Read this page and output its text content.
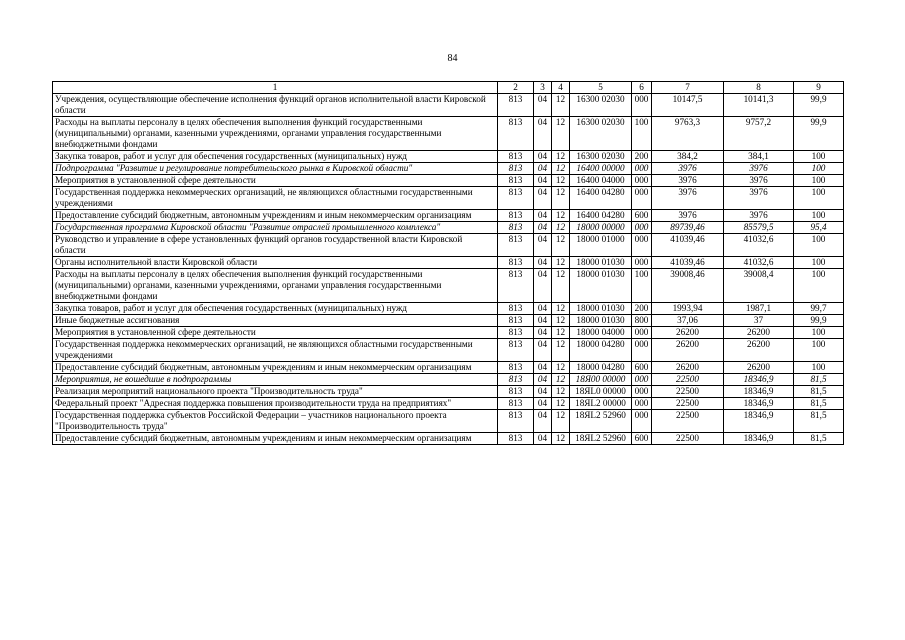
84
1	2	3	4	5	6	7	8	9
Учреждения, осуществляющие обеспечение исполнения функций органов исполнительной власти Кировской области	813	04	12	16300 02030	000	10147,5	10141,3	99,9
Расходы на выплаты персоналу в целях обеспечения выполнения функций государственными (муниципальными) органами, казенными учреждениями, органами управления государственными внебюджетными фондами	813	04	12	16300 02030	100	9763,3	9757,2	99,9
Закупка товаров, работ и услуг для обеспечения государственных (муниципальных) нужд	813	04	12	16300 02030	200	384,2	384,1	100
Подпрограмма "Развитие и регулирование потребительского рынка в Кировской области"	813	04	12	16400 00000	000	3976	3976	100
Мероприятия в установленной сфере деятельности	813	04	12	16400 04000	000	3976	3976	100
Государственная поддержка некоммерческих организаций, не являющихся областными государственными учреждениями	813	04	12	16400 04280	000	3976	3976	100
Предоставление субсидий бюджетным, автономным учреждениям и иным некоммерческим организациям	813	04	12	16400 04280	600	3976	3976	100
Государственная программа Кировской области "Развитие отраслей промышленного комплекса"	813	04	12	18000 00000	000	89739,46	85579,5	95,4
Руководство и управление в сфере установленных функций органов государственной власти Кировской области	813	04	12	18000 01000	000	41039,46	41032,6	100
Органы исполнительной власти Кировской области	813	04	12	18000 01030	000	41039,46	41032,6	100
Расходы на выплаты персоналу в целях обеспечения выполнения функций государственными (муниципальными) органами, казенными учреждениями, органами управления государственными внебюджетными фондами	813	04	12	18000 01030	100	39008,46	39008,4	100
Закупка товаров, работ и услуг для обеспечения государственных (муниципальных) нужд	813	04	12	18000 01030	200	1993,94	1987,1	99,7
Иные бюджетные ассигнования	813	04	12	18000 01030	800	37,06	37	99,9
Мероприятия в установленной сфере деятельности	813	04	12	18000 04000	000	26200	26200	100
Государственная поддержка некоммерческих организаций, не являющихся областными государственными учреждениями	813	04	12	18000 04280	000	26200	26200	100
Предоставление субсидий бюджетным, автономным учреждениям и иным некоммерческим организациям	813	04	12	18000 04280	600	26200	26200	100
Мероприятия, не вошедшие в подпрограммы	813	04	12	18Я00 00000	000	22500	18346,9	81,5
Реализация мероприятий национального проекта "Производительность труда"	813	04	12	18ЯL0 00000	000	22500	18346,9	81,5
Федеральный проект "Адресная поддержка повышения производительности труда на предприятиях"	813	04	12	18ЯL2 00000	000	22500	18346,9	81,5
Государственная поддержка субъектов Российской Федерации – участников национального проекта "Производительность труда"	813	04	12	18ЯL2 52960	000	22500	18346,9	81,5
Предоставление субсидий бюджетным, автономным учреждениям и иным некоммерческим организациям	813	04	12	18ЯL2 52960	600	22500	18346,9	81,5
